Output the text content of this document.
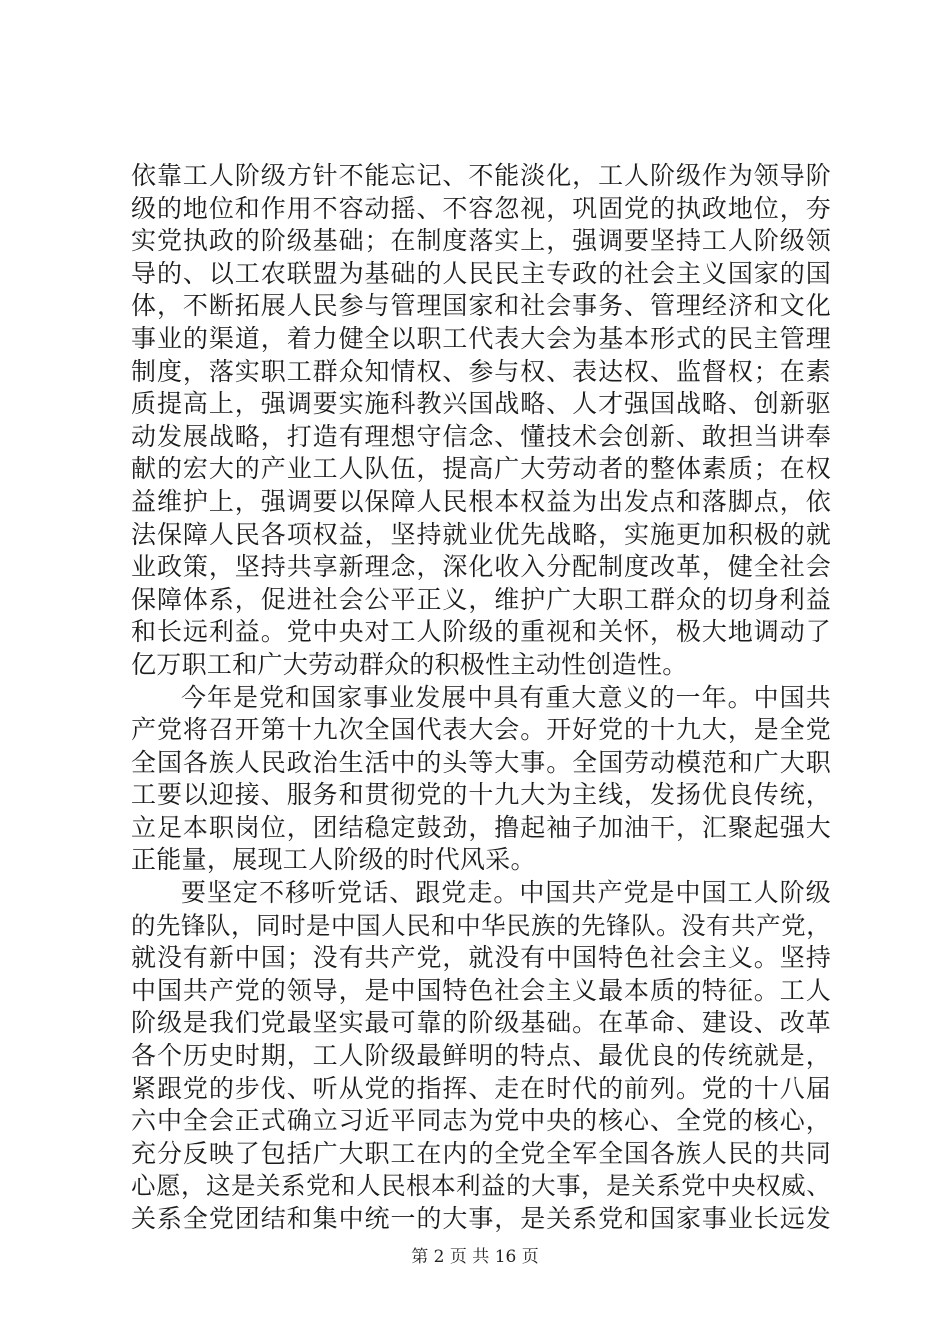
依靠工人阶级方针不能忘记、不能淡化，工人阶级作为领导阶
级的地位和作用不容动摇、不容忽视，巩固党的执政地位，夯
实党执政的阶级基础；在制度落实上，强调要坚持工人阶级领
导的、以工农联盟为基础的人民民主专政的社会主义国家的国
体，不断拓展人民参与管理国家和社会事务、管理经济和文化
事业的渠道，着力健全以职工代表大会为基本形式的民主管理
制度，落实职工群众知情权、参与权、表达权、监督权；在素
质提高上，强调要实施科教兴国战略、人才强国战略、创新驱
动发展战略，打造有理想守信念、懂技术会创新、敢担当讲奉
献的宏大的产业工人队伍，提高广大劳动者的整体素质；在权
益维护上，强调要以保障人民根本权益为出发点和落脚点，依
法保障人民各项权益，坚持就业优先战略，实施更加积极的就
业政策，坚持共享新理念，深化收入分配制度改革，健全社会
保障体系，促进社会公平正义，维护广大职工群众的切身利益
和长远利益。党中央对工人阶级的重视和关怀，极大地调动了
亿万职工和广大劳动群众的积极性主动性创造性。
今年是党和国家事业发展中具有重大意义的一年。中国共
产党将召开第十九次全国代表大会。开好党的十九大，是全党
全国各族人民政治生活中的头等大事。全国劳动模范和广大职
工要以迎接、服务和贯彻党的十九大为主线，发扬优良传统，
立足本职岗位，团结稳定鼓劲，撸起袖子加油干，汇聚起强大
正能量，展现工人阶级的时代风采。
要坚定不移听党话、跟党走。中国共产党是中国工人阶级
的先锋队，同时是中国人民和中华民族的先锋队。没有共产党，
就没有新中国；没有共产党，就没有中国特色社会主义。坚持
中国共产党的领导，是中国特色社会主义最本质的特征。工人
阶级是我们党最坚实最可靠的阶级基础。在革命、建设、改革
各个历史时期，工人阶级最鲜明的特点、最优良的传统就是，
紧跟党的步伐、听从党的指挥、走在时代的前列。党的十八届
六中全会正式确立习近平同志为党中央的核心、全党的核心，
充分反映了包括广大职工在内的全党全军全国各族人民的共同
心愿，这是关系党和人民根本利益的大事，是关系党中央权威、
关系全党团结和集中统一的大事，是关系党和国家事业长远发
第 2 页 共 16 页
